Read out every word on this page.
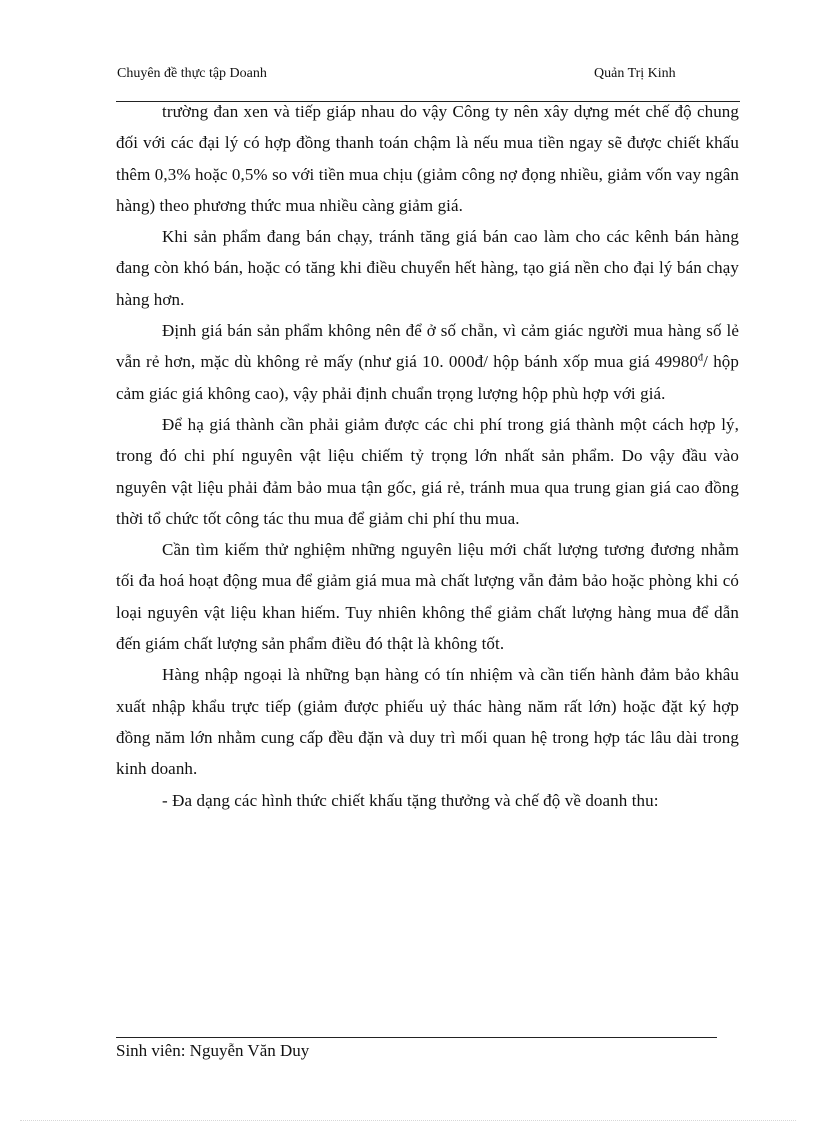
Chuyên đề thực tập Doanh	Quản Trị Kinh

trường đan xen và tiếp giáp nhau do vậy Công ty nên xây dựng mét chế độ chung đối với các đại lý có hợp đồng thanh toán chậm là nếu mua tiền ngay sẽ được chiết khấu thêm 0,3% hoặc 0,5% so với tiền mua chịu (giảm công nợ đọng nhiều, giảm vốn vay ngân hàng) theo phương thức mua nhiều càng giảm giá.

Khi sản phẩm đang bán chạy, tránh tăng giá bán cao làm cho các kênh bán hàng đang còn khó bán, hoặc có tăng khi điều chuyển hết hàng, tạo giá nền cho đại lý bán chạy hàng hơn.

Định giá bán sản phẩm không nên để ở số chẵn, vì cảm giác người mua hàng số lẻ vẫn rẻ hơn, mặc dù không rẻ mấy (như giá 10. 000đ/ hộp bánh xốp mua giá $49980^đ/$ hộp cảm giác giá không cao), vậy phải định chuẩn trọng lượng hộp phù hợp với giá.

Để hạ giá thành cần phải giảm được các chi phí trong giá thành một cách hợp lý, trong đó chi phí nguyên vật liệu chiếm tỷ trọng lớn nhất sản phẩm. Do vậy đầu vào nguyên vật liệu phải đảm bảo mua tận gốc, giá rẻ, tránh mua qua trung gian giá cao đồng thời tổ chức tốt công tác thu mua để giảm chi phí thu mua.

Cần tìm kiếm thử nghiệm những nguyên liệu mới chất lượng tương đương nhằm tối đa hoá hoạt động mua để giảm giá mua mà chất lượng vẫn đảm bảo hoặc phòng khi có loại nguyên vật liệu khan hiếm. Tuy nhiên không thể giảm chất lượng hàng mua để dẫn đến giám chất lượng sản phẩm điều đó thật là không tốt.

Hàng nhập ngoại là những bạn hàng có tín nhiệm và cần tiến hành đảm bảo khâu xuất nhập khẩu trực tiếp (giảm được phiếu uỷ thác hàng năm rất lớn) hoặc đặt ký hợp đồng năm lớn nhằm cung cấp đều đặn và duy trì mối quan hệ trong hợp tác lâu dài trong kinh doanh.

- Đa dạng các hình thức chiết khấu tặng thưởng và chế độ về doanh thu:

Sinh viên: Nguyễn Văn Duy
